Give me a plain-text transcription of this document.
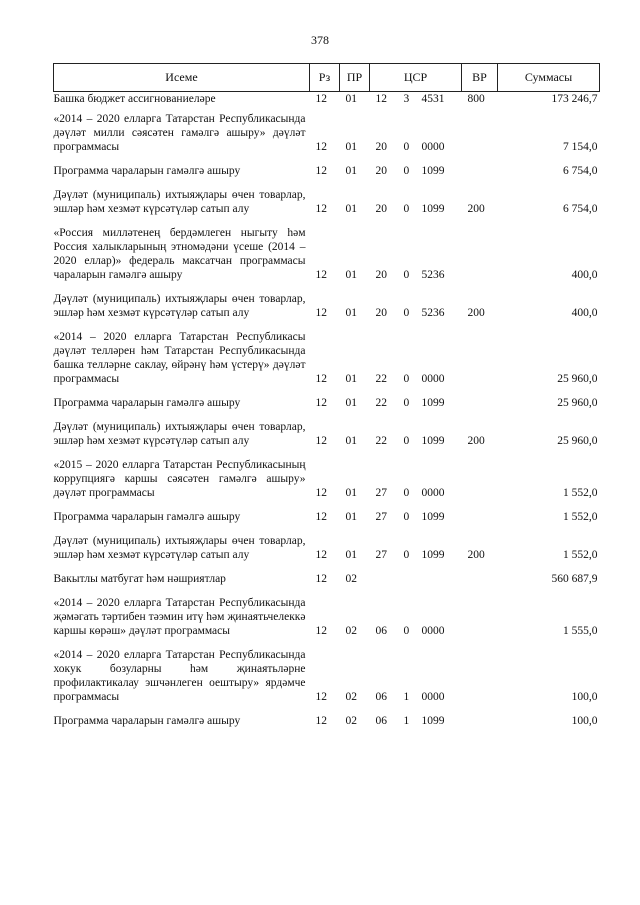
378
Исеме	Рз	ПР	ЦСР			ВР	Суммасы
Башка бюджет ассигнованиеләре	12	01	12	3	4531	800	173 246,7
«2014 – 2020 елларга Татарстан Республикасында дәүләт милли сәясәтен гамәлгә ашыру» дәүләт программасы	12	01	20	0	0000		7 154,0
Программа чараларын гамәлгә ашыру	12	01	20	0	1099		6 754,0
Дәүләт (муниципаль) ихтыяҗлары өчен товарлар, эшләр һәм хезмәт күрсәтүләр сатып алу	12	01	20	0	1099	200	6 754,0
«Россия милләтенең бердәмлеген ныгыту һәм Россия халыкларының этномәдәни үсеше (2014 – 2020 еллар)» федераль максатчан программасы чараларын гамәлгә ашыру	12	01	20	0	5236		400,0
Дәүләт (муниципаль) ихтыяҗлары өчен товарлар, эшләр һәм хезмәт күрсәтүләр сатып алу	12	01	20	0	5236	200	400,0
«2014 – 2020 елларга Татарстан Республикасы дәүләт телләрен һәм Татарстан Республикасында башка телләрне саклау, өйрәнү һәм үстерү» дәүләт программасы	12	01	22	0	0000		25 960,0
Программа чараларын гамәлгә ашыру	12	01	22	0	1099		25 960,0
Дәүләт (муниципаль) ихтыяҗлары өчен товарлар, эшләр һәм хезмәт күрсәтүләр сатып алу	12	01	22	0	1099	200	25 960,0
«2015 – 2020 елларга Татарстан Республикасының коррупциягә каршы сәясәтен гамәлгә ашыру» дәүләт программасы	12	01	27	0	0000		1 552,0
Программа чараларын гамәлгә ашыру	12	01	27	0	1099		1 552,0
Дәүләт (муниципаль) ихтыяҗлары өчен товарлар, эшләр һәм хезмәт күрсәтүләр сатып алу	12	01	27	0	1099	200	1 552,0
Вакытлы матбугат һәм нәшриятлар	12	02					560 687,9
«2014 – 2020 елларга Татарстан Республикасында җәмәгать тәртибен тәэмин итү һәм җинаятьчелеккә каршы көрәш» дәүләт программасы	12	02	06	0	0000		1 555,0
«2014 – 2020 елларга Татарстан Республикасында хокук бозуларны һәм җинаятьләрне профилактикалау эшчәнлеген оештыру» ярдәмче программасы	12	02	06	1	0000		100,0
Программа чараларын гамәлгә ашыру	12	02	06	1	1099		100,0
